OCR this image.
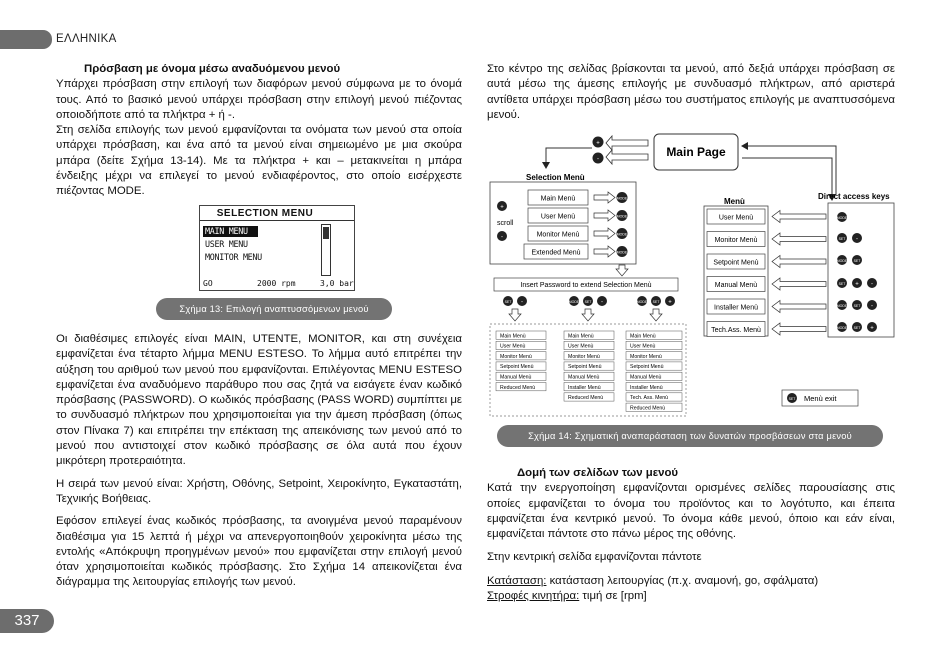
ΕΛΛΗΝΙΚΑ

Πρόσβαση με όνομα μέσω αναδυόμενου μενού

Υπάρχει πρόσβαση στην επιλογή των διαφόρων μενού σύμφωνα με το όνομά τους. Από το βασικό μενού υπάρχει πρόσβαση στην επιλογή μενού πιέζοντας οποιοδήποτε από τα πλήκτρα + ή -.

Στη σελίδα επιλογής των μενού εμφανίζονται τα ονόματα των μενού στα οποία υπάρχει πρόσβαση, και ένα από τα μενού είναι σημειωμένο με μια σκούρα μπάρα (δείτε Σχήμα 13-14). Με τα πλήκτρα + και – μετακινείται η μπάρα ένδειξης μέχρι να επιλεγεί το μενού ενδιαφέροντος, στο οποίο εισέρχεστε πιέζοντας MODE.

SELECTION MENU
MAIN MENU
USER MENU
MONITOR MENU
GO	2000 rpm	3,0 bar
Σχήμα 13: Επιλογή αναπτυσσόμενων μενού

Οι διαθέσιμες επιλογές είναι MAIN, UTENTE, MONITOR, και στη συνέχεια εμφανίζεται ένα τέταρτο λήμμα MENU ESTESO. Το λήμμα αυτό επιτρέπει την αύξηση του αριθμού των μενού που εμφανίζονται. Επιλέγοντας MENU ESTESO εμφανίζεται ένα αναδυόμενο παράθυρο που σας ζητά να εισάγετε έναν κωδικό πρόσβασης (PASSWORD). Ο κωδικός πρόσβασης (PASS WORD) συμπίπτει με το συνδυασμό πλήκτρων που χρησιμοποιείται για την άμεση πρόσβαση (όπως στον Πίνακα 7) και επιτρέπει την επέκταση της απεικόνισης των μενού από το μενού που αντιστοιχεί στον κωδικό πρόσβασης σε όλα αυτά που έχουν μικρότερη προτεραιότητα.

Η σειρά των μενού είναι: Χρήστη, Οθόνης, Setpoint, Χειροκίνητο, Εγκαταστάτη, Τεχνικής Βοήθειας.

Εφόσον επιλεγεί ένας κωδικός πρόσβασης, τα ανοιγμένα μενού παραμένουν διαθέσιμα για 15 λεπτά ή μέχρι να απενεργοποιηθούν χειροκίνητα μέσω της εντολής «Απόκρυψη προηγμένων μενού» που εμφανίζεται στην επιλογή μενού όταν χρησιμοποιείται κωδικός πρόσβασης. Στο Σχήμα 14 απεικονίζεται ένα διάγραμμα της λειτουργίας επιλογής των μενού.

337

Στο κέντρο της σελίδας βρίσκονται τα μενού, από δεξιά υπάρχει πρόσβαση σε αυτά μέσω της άμεσης επιλογής με συνδυασμό πλήκτρων, από αριστερά αντίθετα υπάρχει πρόσβαση μέσω του συστήματος επιλογής με αναπτυσσόμενα μενού.

Main Page
+
-
Selection Menù
scroll
+
-
Main Menù
User Menù
Monitor Menù
Extended Menù
MODE
MODE
MODE
MODE
Insert Password to extend Selection Menù
SET -	MODE SET -	MODE SET +
Main Menù
User Menù
Monitor Menù
Setpoint Menù
Manual Menù
Reduced Menù
Main Menù
User Menù
Monitor Menù
Setpoint Menù
Manual Menù
Installer Menù
Reduced Menù
Main Menù
User Menù
Monitor Menù
Setpoint Menù
Manual Menù
Installer Menù
Tech. Ass. Menù
Reduced Menù
Menù
User Menù
Monitor Menù
Setpoint Menù
Manual Menù
Installer Menù
Tech.Ass. Menù
Direct access keys
MODE
SET -
MODE SET
SET + -
MODE SET -
MODE SET +
SET Menù exit
Σχήμα 14: Σχηματική αναπαράσταση των δυνατών προσβάσεων στα μενού

Δομή των σελίδων των μενού

Κατά την ενεργοποίηση εμφανίζονται ορισμένες σελίδες παρουσίασης στις οποίες εμφανίζεται το όνομα του προϊόντος και το λογότυπο, και έπειτα εμφανίζεται ένα κεντρικό μενού. Το όνομα κάθε μενού, όποιο και εάν είναι, εμφανίζεται πάντοτε στο πάνω μέρος της οθόνης.

Στην κεντρική σελίδα εμφανίζονται πάντοτε

Κατάσταση: κατάσταση λειτουργίας (π.χ. αναμονή, go, σφάλματα)

Στροφές κινητήρα: τιμή σε [rpm]
